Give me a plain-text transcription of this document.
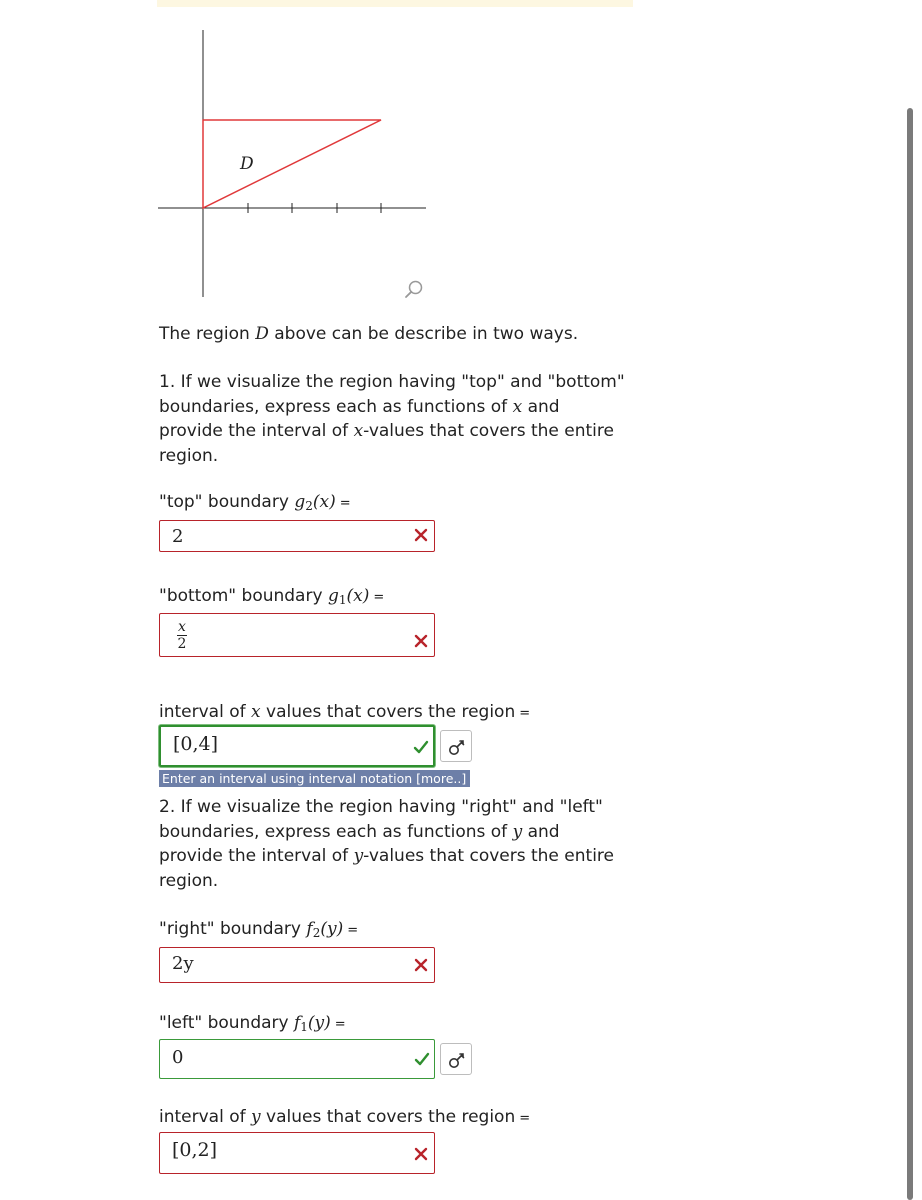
D
The region D above can be describe in two ways.
1. If we visualize the region having "top" and "bottom"
boundaries, express each as functions of x and
provide the interval of x-values that covers the entire
region.
"top" boundary $g_2(x)$ =
2
"bottom" boundary $g_1(x)$ =
x
2
interval of x values that covers the region =
[0,4]
Enter an interval using interval notation [more..]
2. If we visualize the region having "right" and "left"
boundaries, express each as functions of y and
provide the interval of y-values that covers the entire
region.
"right" boundary $f_2(y)$ =
2y
"left" boundary $f_1(y)$ =
0
interval of y values that covers the region =
[0,2]
